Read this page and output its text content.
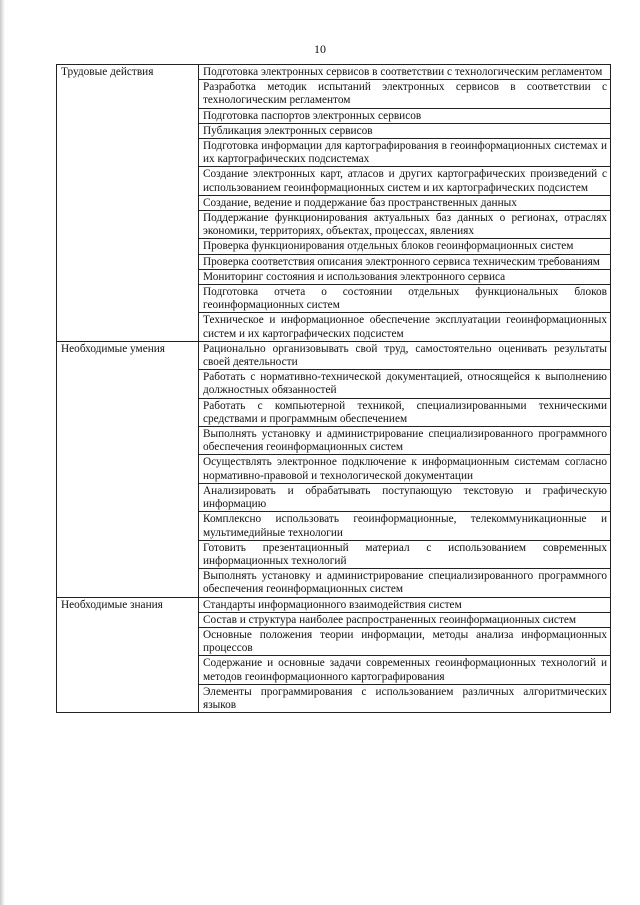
10
Трудовые действия	Подготовка электронных сервисов в соответствии с технологическим регламентом
	Разработка методик испытаний электронных сервисов в соответствии с технологическим регламентом
	Подготовка паспортов электронных сервисов
	Публикация электронных сервисов
	Подготовка информации для картографирования в геоинформационных системах и их картографических подсистемах
	Создание электронных карт, атласов и других картографических произведений с использованием геоинформационных систем и их картографических подсистем
	Создание, ведение и поддержание баз пространственных данных
	Поддержание функционирования актуальных баз данных о регионах, отраслях экономики, территориях, объектах, процессах, явлениях
	Проверка функционирования отдельных блоков геоинформационных систем
	Проверка соответствия описания электронного сервиса техническим требованиям
	Мониторинг состояния и использования электронного сервиса
	Подготовка отчета о состоянии отдельных функциональных блоков геоинформационных систем
	Техническое и информационное обеспечение эксплуатации геоинформационных систем и их картографических подсистем
Необходимые умения	Рационально организовывать свой труд, самостоятельно оценивать результаты своей деятельности
	Работать с нормативно-технической документацией, относящейся к выполнению должностных обязанностей
	Работать с компьютерной техникой, специализированными техническими средствами и программным обеспечением
	Выполнять установку и администрирование специализированного программного обеспечения геоинформационных систем
	Осуществлять электронное подключение к информационным системам согласно нормативно-правовой и технологической документации
	Анализировать и обрабатывать поступающую текстовую и графическую информацию
	Комплексно использовать геоинформационные, телекоммуникационные и мультимедийные технологии
	Готовить презентационный материал с использованием современных информационных технологий
	Выполнять установку и администрирование специализированного программного обеспечения геоинформационных систем
Необходимые знания	Стандарты информационного взаимодействия систем
	Состав и структура наиболее распространенных геоинформационных систем
	Основные положения теории информации, методы анализа информационных процессов
	Содержание и основные задачи современных геоинформационных технологий и методов геоинформационного картографирования
	Элементы программирования с использованием различных алгоритмических языков
